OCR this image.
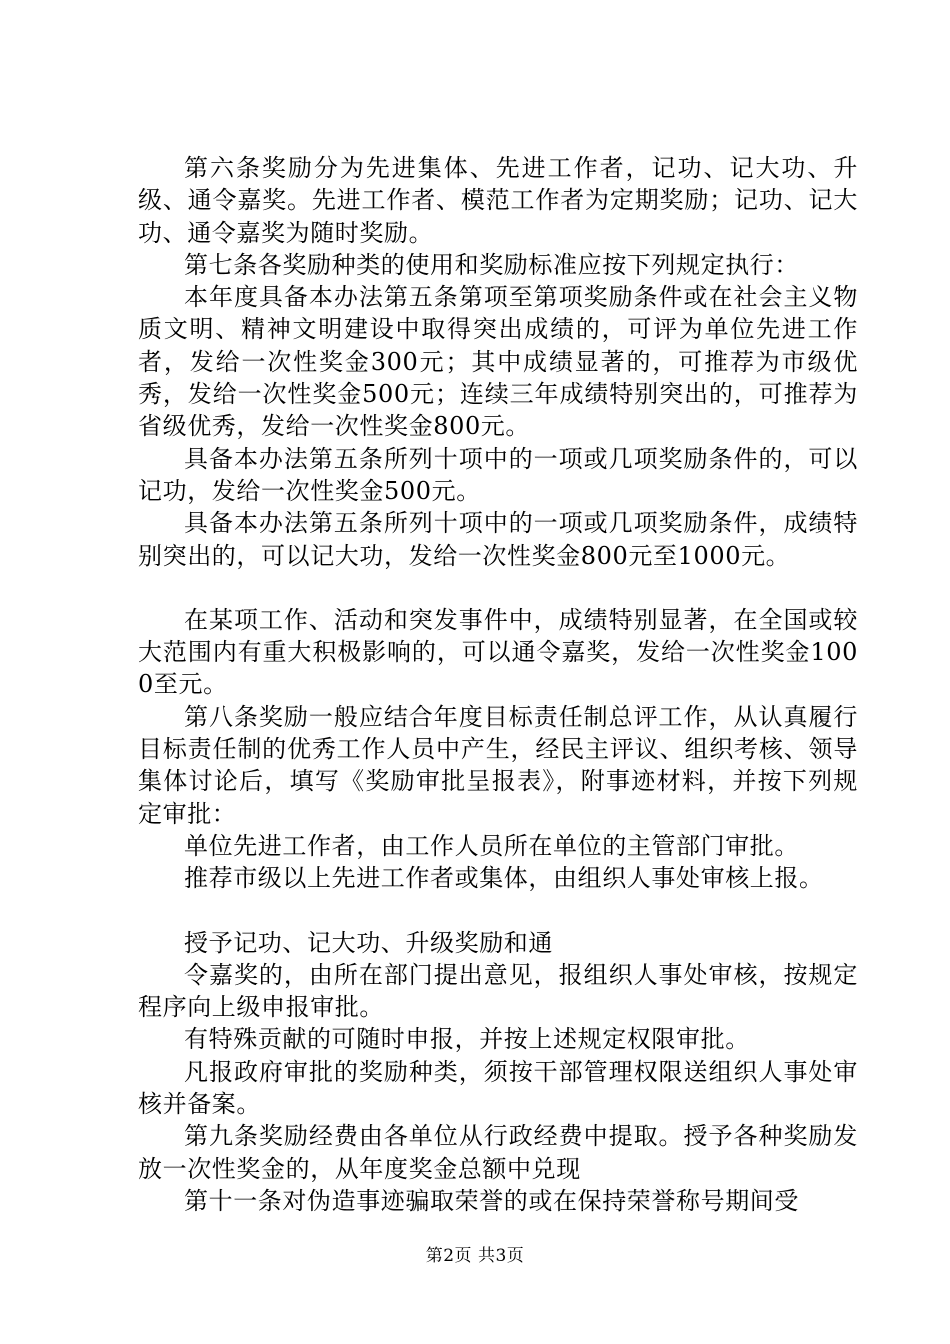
第六条奖励分为先进集体、先进工作者，记功、记大功、升级、通令嘉奖。先进工作者、模范工作者为定期奖励；记功、记大功、通令嘉奖为随时奖励。

第七条各奖励种类的使用和奖励标准应按下列规定执行：

本年度具备本办法第五条第项至第项奖励条件或在社会主义物质文明、精神文明建设中取得突出成绩的，可评为单位先进工作者，发给一次性奖金300元；其中成绩显著的，可推荐为市级优秀，发给一次性奖金500元；连续三年成绩特别突出的，可推荐为省级优秀，发给一次性奖金800元。

具备本办法第五条所列十项中的一项或几项奖励条件的，可以记功，发给一次性奖金500元。

具备本办法第五条所列十项中的一项或几项奖励条件，成绩特别突出的，可以记大功，发给一次性奖金800元至1000元。

在某项工作、活动和突发事件中，成绩特别显著，在全国或较大范围内有重大积极影响的，可以通令嘉奖，发给一次性奖金1000至元。

第八条奖励一般应结合年度目标责任制总评工作，从认真履行目标责任制的优秀工作人员中产生，经民主评议、组织考核、领导集体讨论后，填写《奖励审批呈报表》，附事迹材料，并按下列规定审批：

单位先进工作者，由工作人员所在单位的主管部门审批。

推荐市级以上先进工作者或集体，由组织人事处审核上报。

授予记功、记大功、升级奖励和通

令嘉奖的，由所在部门提出意见，报组织人事处审核，按规定程序向上级申报审批。

有特殊贡献的可随时申报，并按上述规定权限审批。

凡报政府审批的奖励种类，须按干部管理权限送组织人事处审核并备案。

第九条奖励经费由各单位从行政经费中提取。授予各种奖励发放一次性奖金的，从年度奖金总额中兑现

第十一条对伪造事迹骗取荣誉的或在保持荣誉称号期间受

第2页 共3页
